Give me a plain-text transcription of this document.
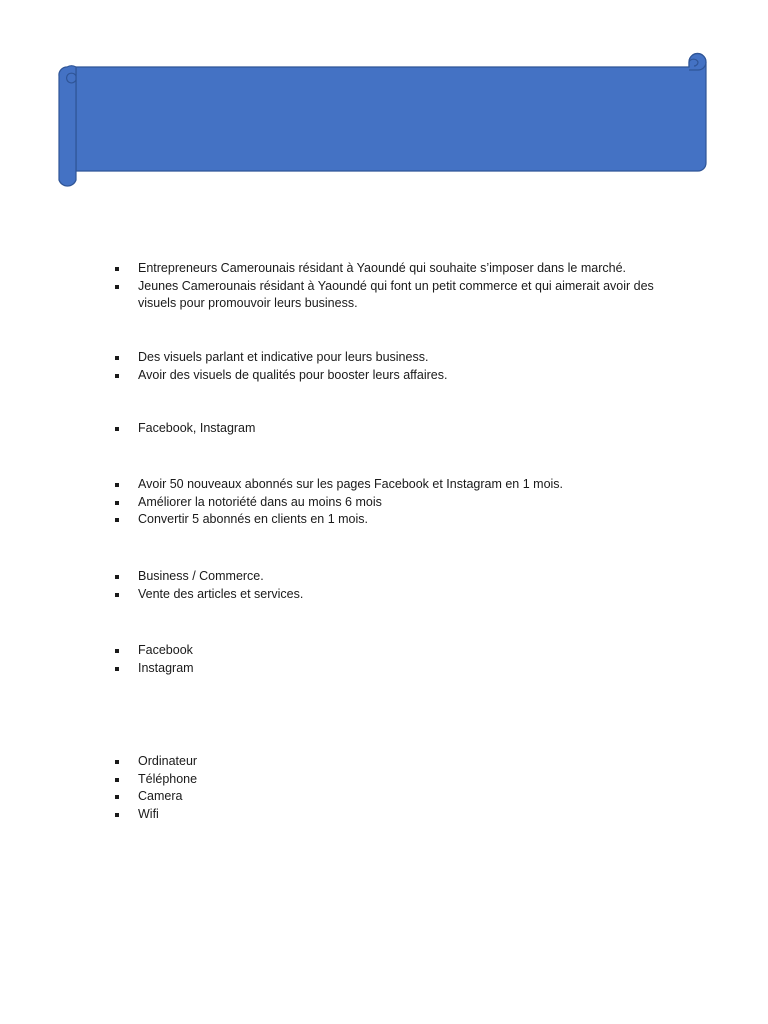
Entrepreneurs Camerounais résidant à Yaoundé qui souhaite s’imposer dans le marché.
Jeunes Camerounais résidant à Yaoundé qui font un petit commerce et qui aimerait avoir des visuels pour promouvoir leurs business.
Des visuels parlant et indicative pour leurs business.
Avoir des visuels de qualités pour booster leurs affaires.
Facebook, Instagram
Avoir 50 nouveaux abonnés sur les pages Facebook et Instagram en 1 mois.
Améliorer la notoriété dans au moins 6 mois
Convertir 5 abonnés en clients en 1 mois.
Business / Commerce.
Vente des articles et services.
Facebook
Instagram
Ordinateur
Téléphone
Camera
Wifi
